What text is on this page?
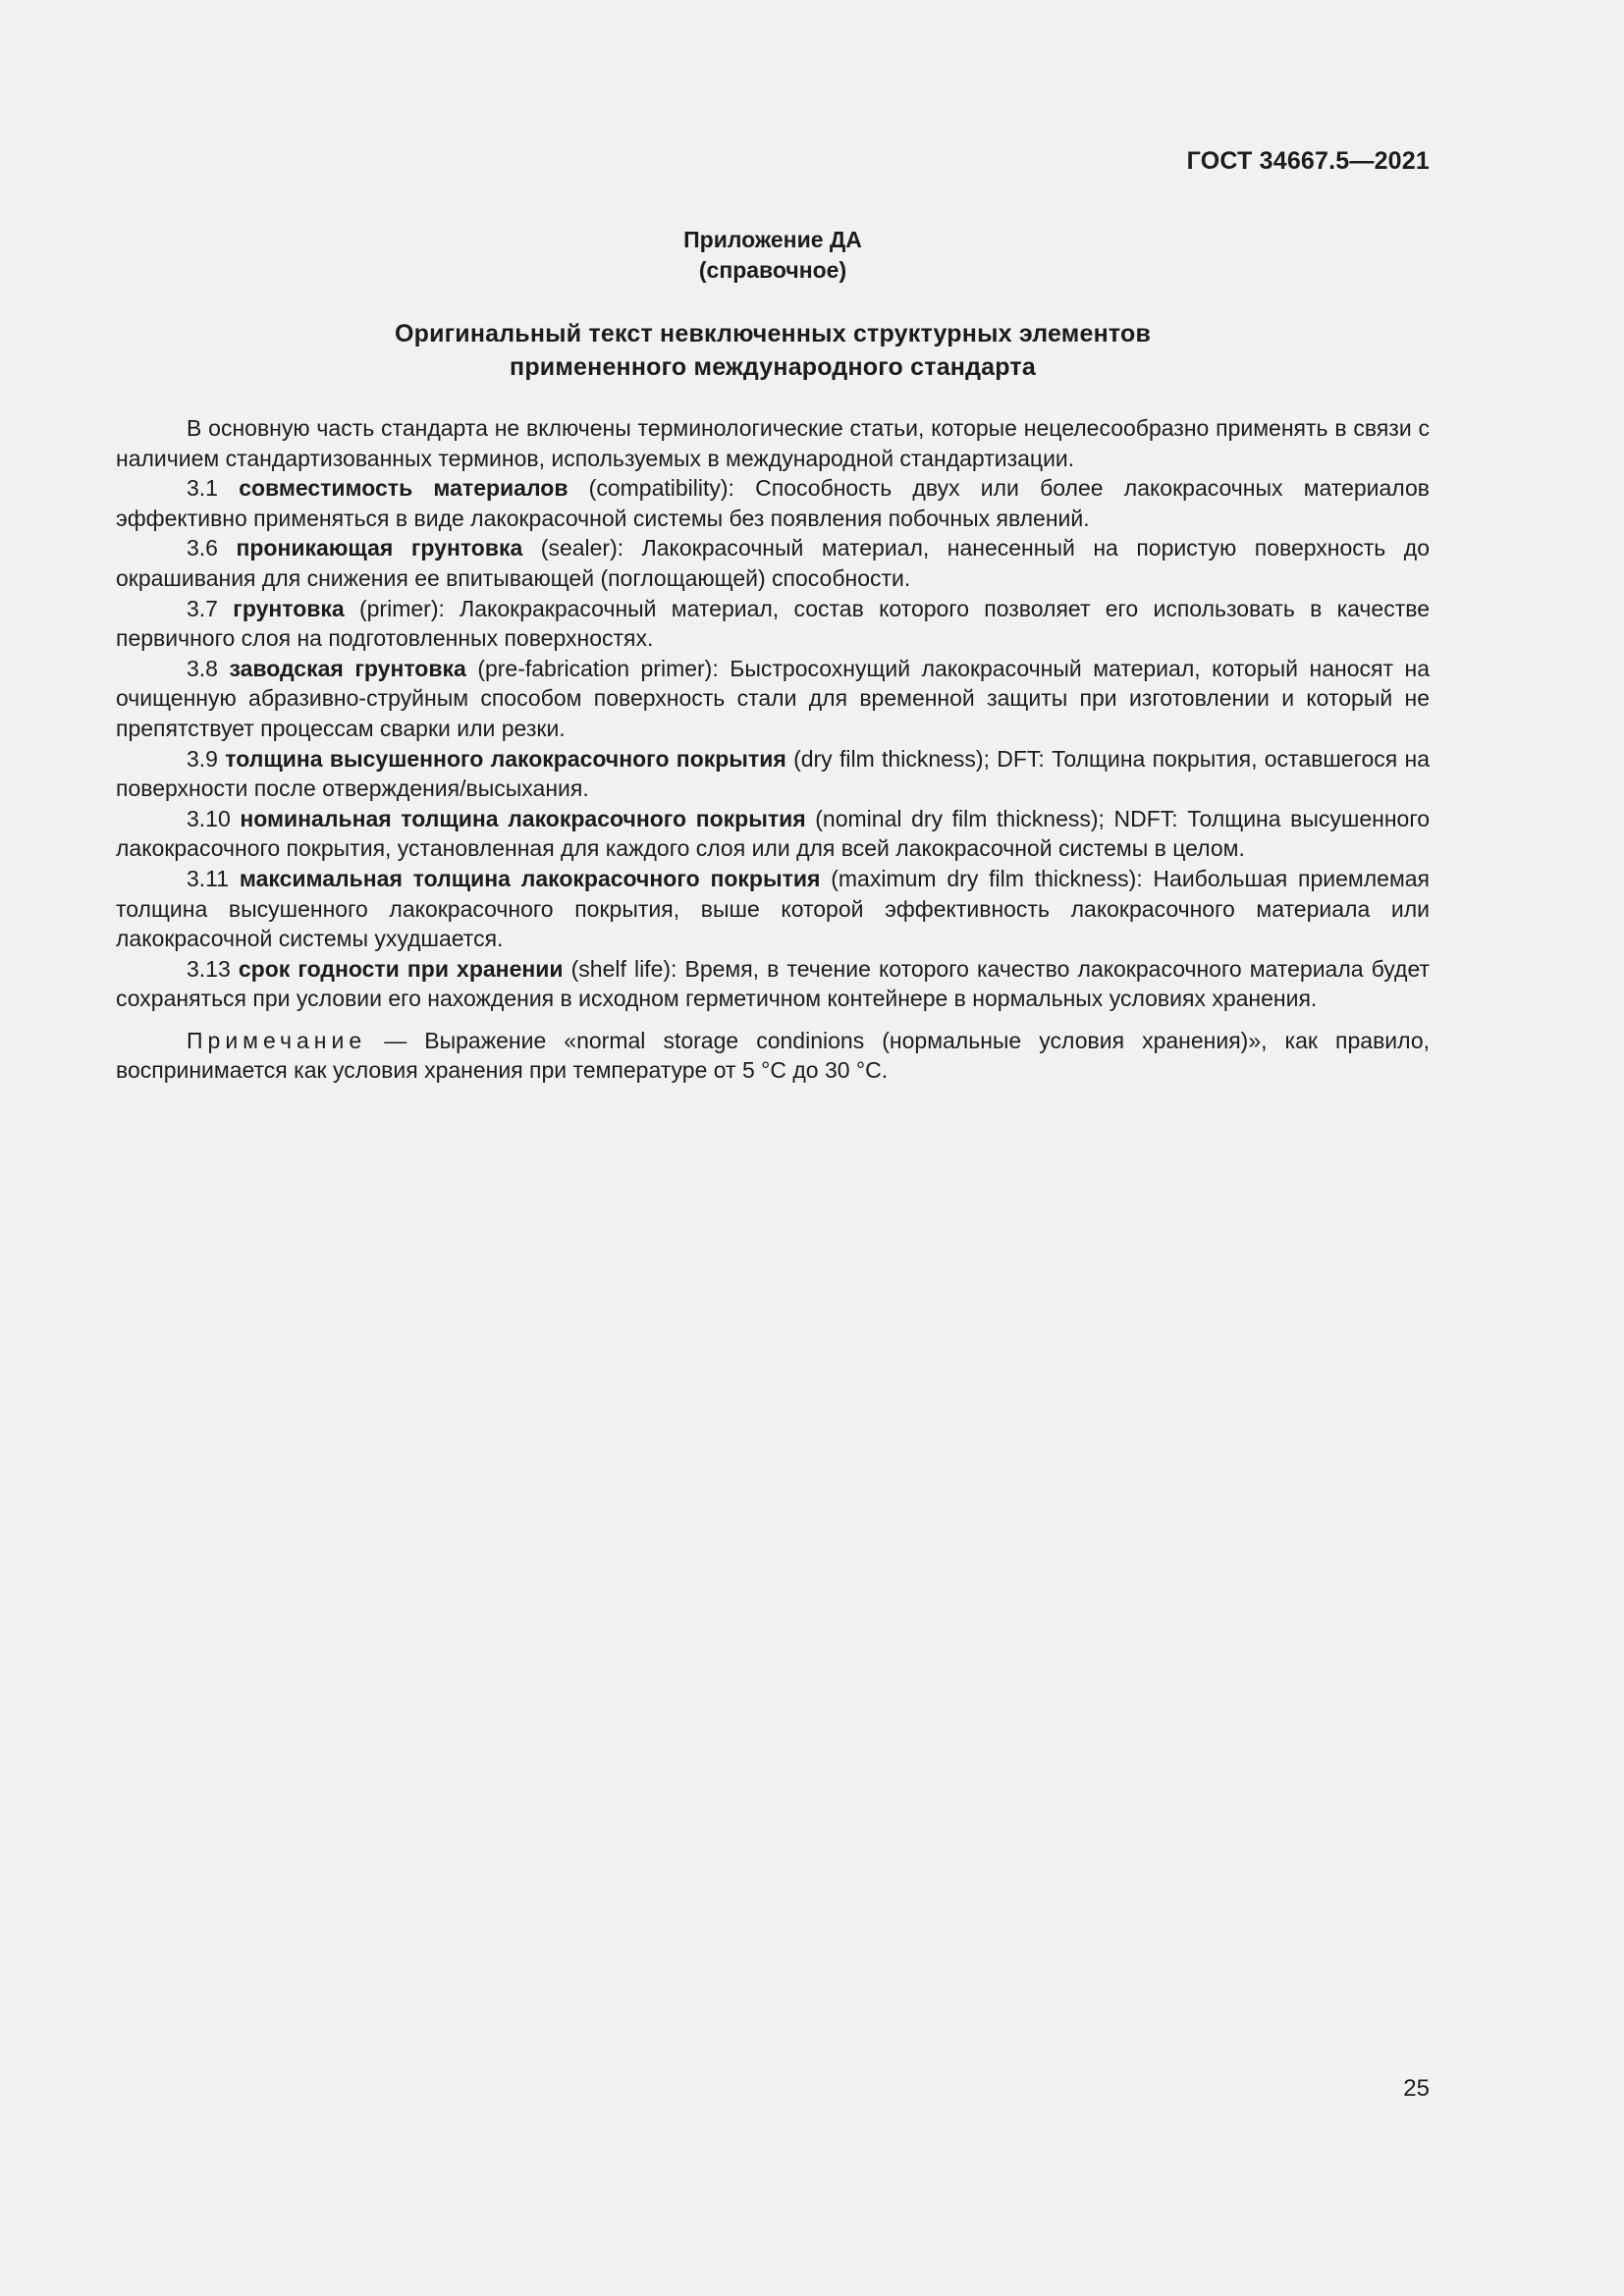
ГОСТ 34667.5—2021
Приложение ДА
(справочное)
Оригинальный текст невключенных структурных элементов
примененного международного стандарта

В основную часть стандарта не включены терминологические статьи, которые нецелесообразно применять в связи с наличием стандартизованных терминов, используемых в международной стандартизации.

3.1 совместимость материалов (compatibility): Способность двух или более лакокрасочных материалов эффективно применяться в виде лакокрасочной системы без появления побочных явлений.

3.6 проникающая грунтовка (sealer): Лакокрасочный материал, нанесенный на пористую поверхность до окрашивания для снижения ее впитывающей (поглощающей) способности.

3.7 грунтовка (primer): Лакокракрасочный материал, состав которого позволяет его использовать в качестве первичного слоя на подготовленных поверхностях.

3.8 заводская грунтовка (pre-fabrication primer): Быстросохнущий лакокрасочный материал, который наносят на очищенную абразивно-струйным способом поверхность стали для временной защиты при изготовлении и который не препятствует процессам сварки или резки.

3.9 толщина высушенного лакокрасочного покрытия (dry film thickness); DFT: Толщина покрытия, оставшегося на поверхности после отверждения/высыхания.

3.10 номинальная толщина лакокрасочного покрытия (nominal dry film thickness); NDFT: Толщина высушенного лакокрасочного покрытия, установленная для каждого слоя или для всей лакокрасочной системы в целом.

3.11 максимальная толщина лакокрасочного покрытия (maximum dry film thickness): Наибольшая приемлемая толщина высушенного лакокрасочного покрытия, выше которой эффективность лакокрасочного материала или лакокрасочной системы ухудшается.

3.13 срок годности при хранении (shelf life): Время, в течение которого качество лакокрасочного материала будет сохраняться при условии его нахождения в исходном герметичном контейнере в нормальных условиях хранения.

Примечание — Выражение «normal storage condinions (нормальные условия хранения)», как правило, воспринимается как условия хранения при температуре от 5 °С до 30 °С.

25
